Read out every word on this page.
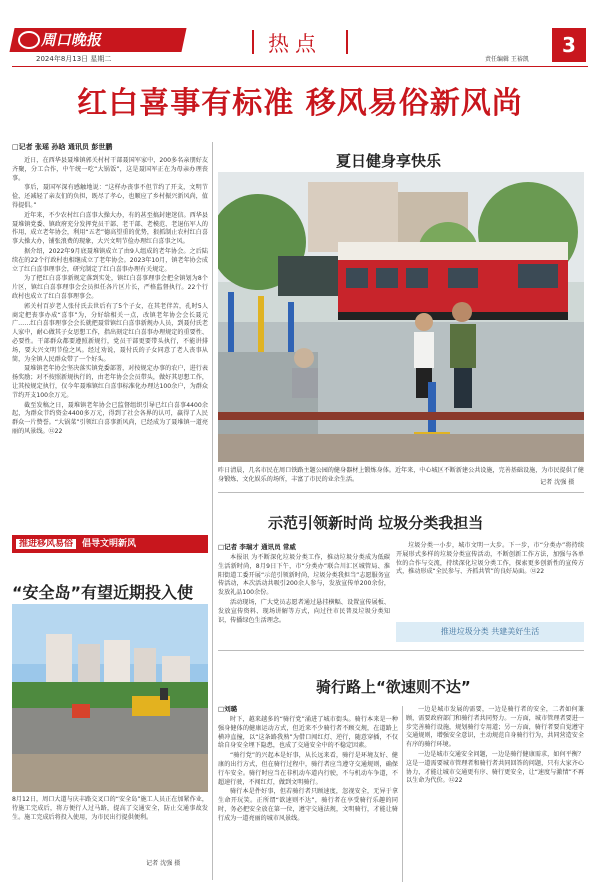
周口晚报
2024年8月13日 星期二
热点
责任编辑 王裕凯
3
红白喜事有标准 移风易俗新风尚
□记者 张瑶 孙晗 通讯员 彭世鹏

近日，在西华县聂堆镇郭关村村干部聂国军家中，200多名亲朋好友齐聚，分工合作，中午统一吃“大锅饭”，这是聂国军正在为母亲办理丧事。

事后，聂国军深有感触地说：“这样办丧事不但节约了开支，文明节俭，还减轻了亲友们的负担，既尽了孝心，也顺应了乡村振兴新风尚，值得提倡。”

近年来，不少农村红白喜事大操大办，有的甚至搞封建迷信。西华县聂堆镇党委、镇政府充分发挥党员干部、老干部、老模范、老退伍军人的作用，成立老年协会，利用“五老”德高望重的优势，狠抓制止农村红白喜事大操大办，铺张浪费的现象，大兴文明节俭办理红白喜事之风。

据介绍，2022年9月底聂堆镇成立了由9人组成的老年协会。之后陆续在的22个行政村也相继成立了老年协会。2023年10月，镇老年协会成立了红白喜事理事会，研究制定了红白喜事办理有关规定。

为了把红白喜事新规定落到实处，镇红白喜事理事会把全镇划为8个片区，镇红白喜事理事会会员担任各片区片长，严格监督执行。22个行政村也成立了红白喜事理事会。

郭关村百岁老人张付氏去世后有了5个子女，在其老伴苦，孔时5人商定把丧事办成“喜事”为，分好给相关一点，改镇老年协会会长聂元广……红白喜事理事会会长就把聂常镇红白喜事新规办人员，到聂付氏老人家中，耐心做其子女思想工作，指出刻定红白喜事办理规定的重要性、必要性。干部群众都要遵照新规行，党员干部更要带头执行，不能讲排场，要大兴文明节俭之风。经过劝说，聂付氏的子女同意了老人丧事从简，为全镇人民群众带了一个好头。

聂堆镇老年协会坚决落实镇党委部署，对按规定办事的农户，进行表扬奖励；对不按照新规执行的，由老年协会会员带头，做好其思想工作，让其按规定执行，仅今年聂堆镇红白喜事标准化办理达100余户，为群众节约开支100余万元。

截至发稿之日，聂堆镇老年协会已监督组织引导已红白喜事4400余起，为群众节约资金4400多万元，得到了社会各界的认可，赢得了人民群众一片赞誉。“大锅菜”引领红白喜事新风尚，已经成为了聂堆镇一道亮丽的风景线。⑫22

推进移风易俗 倡导文明新风
“安全岛”有望近期投入使
8月12日，周口大道与庆丰路交叉口的“安全岛”施工人员正在加紧作业，待施工完成后，将方便行人过马路，提高了交通安全，防止交通事故发生。施工完成后将投入使用，为市民出行提供便利。
记者 沈强 摄
夏日健身享快乐
昨日清晨，几名市民在周口铁路主题公园的健身器材上锻炼身体。近年来，中心城区不断新建公共设施，完善基础设施，为市民提供了健身锻炼、文化娱乐的场所，丰富了市民的业余生活。	记者 沈强 摄
示范引领新时尚 垃圾分类我担当
□记者 李瑞才 通讯员 常威

本报讯 为不断深化垃圾分类工作，推动垃圾分类成为低碳生活新时尚，8月9日下午，市“分类办”联合川汇区城管局、淮阳街道工委开展“示范引领新时尚，垃圾分类我担当”志愿服务宣传活动，本次活动共吸引200余人参与，发放宣传单200余份，发放礼品100余份。

活动现场，广大党员志愿者通过悬挂横幅、设置宣传展板、发放宣传资料、现场讲解等方式，向过往市民普及垃圾分类知识，传播绿色生活理念。

垃圾分类一小步，城市文明一大步。下一步，市“分类办”将持续开展形式多样的垃圾分类宣传活动，不断创新工作方法，加强与各单位的合作与交流，持续深化垃圾分类工作，探索更多创新性的宣传方式，推动形成“全民参与、齐抓共管”的良好局面。⑫22

推进垃圾分类 共建美好生活
骑行路上“欲速则不达”
□刘璐

时下，越来越多的“骑行党”涌进了城市街头。骑行本来是一种强身健体的健康运动方式，但近来不少骑行者不顾交规，在道路上横冲直撞，以“这条路我熟”为借口闯红灯、逆行，随意穿插，不仅给自身安全埋下隐患，也成了交通安全中的不稳定因素。

“骑行党”的兴起本是好事，从长远来看，骑行是环境友好、健康的出行方式，但在骑行过程中，骑行者应当遵守交通规则，确保行车安全。骑行时应当在非机动车道内行驶，不与机动车争道，不超速行驶，不闯红灯，做到文明骑行。

骑行本是件好事，但若骑行者只顾速度，忽视安全，无异于拿生命开玩笑。正所谓“欲速则不达”，骑行者在享受骑行乐趣的同时，务必把安全放在第一位，遵守交通法规，文明骑行，才能让骑行成为一道亮丽的城市风景线。

一边是城市发展的需要，一边是骑行者的安全，二者如何兼顾，需要政府部门和骑行者共同努力。一方面，城市管理者要进一步完善骑行设施，规划骑行专用道；另一方面，骑行者要自觉遵守交通规则，增强安全意识，主动规范自身骑行行为，共同营造安全有序的骑行环境。

一边是城市交通安全问题，一边是骑行健康需求，如何平衡？这是一道需要城市管理者和骑行者共同回答的问题，只有大家齐心协力，才能让城市交通更有序、骑行更安全，让“速度与激情”不再以生命为代价。⑫22
